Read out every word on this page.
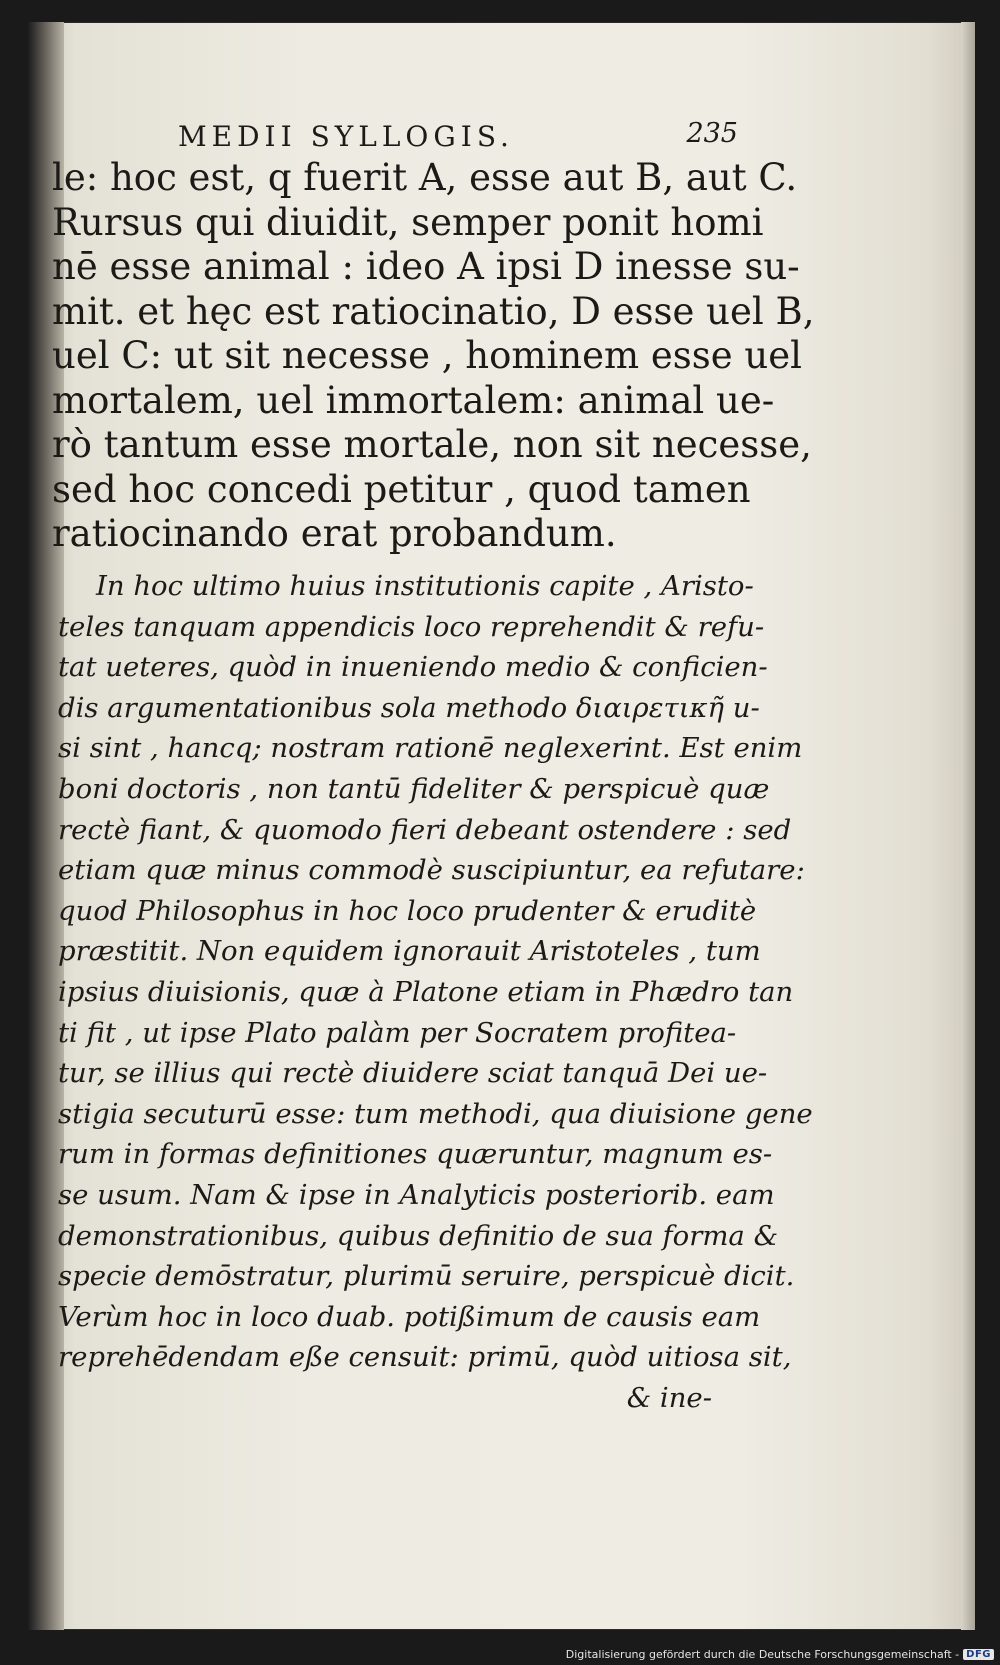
MEDII SYLLOGIS.	235
le: hoc est, q fuerit A, esse aut B, aut C.
Rursus qui diuidit, semper ponit homi
nē esse animal : ideo A ipsi D inesse su-
mit. et hęc est ratiocinatio, D esse uel B,
uel C: ut sit necesse , hominem esse uel
mortalem, uel immortalem: animal ue-
rò tantum esse mortale, non sit necesse,
sed hoc concedi petitur , quod tamen
ratiocinando erat probandum.
In hoc ultimo huius institutionis capite , Aristo-
teles tanquam appendicis loco reprehendit & refu-
tat ueteres, quòd in inueniendo medio & conficien-
dis argumentationibus sola methodo διαιρετικῆ u-
si sint , hancq; nostram rationē neglexerint. Est enim
boni doctoris , non tantū fideliter & perspicuè quæ
rectè fiant, & quomodo fieri debeant ostendere : sed
etiam quæ minus commodè suscipiuntur, ea refutare:
quod Philosophus in hoc loco prudenter & eruditè
præstitit. Non equidem ignorauit Aristoteles , tum
ipsius diuisionis, quæ à Platone etiam in Phædro tan
ti fit , ut ipse Plato palàm per Socratem profitea-
tur, se illius qui rectè diuidere sciat tanquā Dei ue-
stigia secuturū esse: tum methodi, qua diuisione gene
rum in formas definitiones quæruntur, magnum es-
se usum. Nam & ipse in Analyticis posteriorib. eam
demonstrationibus, quibus definitio de sua forma &
specie demōstratur, plurimū seruire, perspicuè dicit.
Verùm hoc in loco duab. potißimum de causis eam
reprehēdendam eße censuit: primū, quòd uitiosa sit,
& ine-
Digitalisierung gefördert durch die Deutsche Forschungsgemeinschaft - DFG
